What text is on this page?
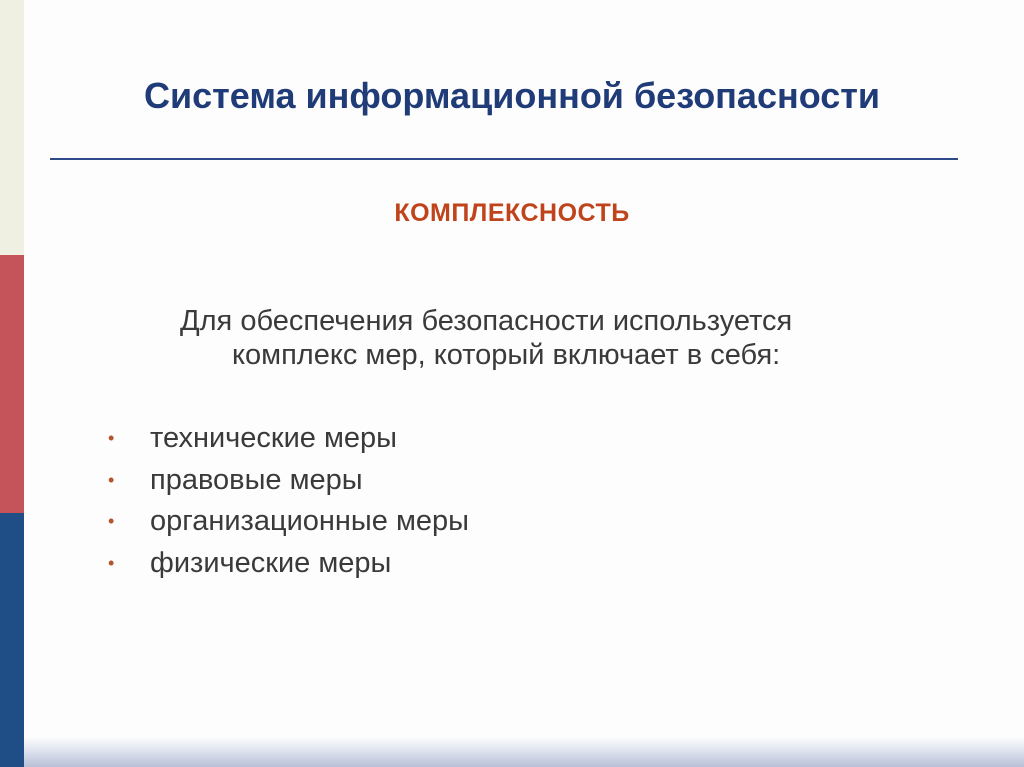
Система информационной безопасности
КОМПЛЕКСНОСТЬ
Для обеспечения безопасности используется
комплекс мер, который включает в себя:
• технические меры
• правовые меры
• организационные меры
• физические меры
